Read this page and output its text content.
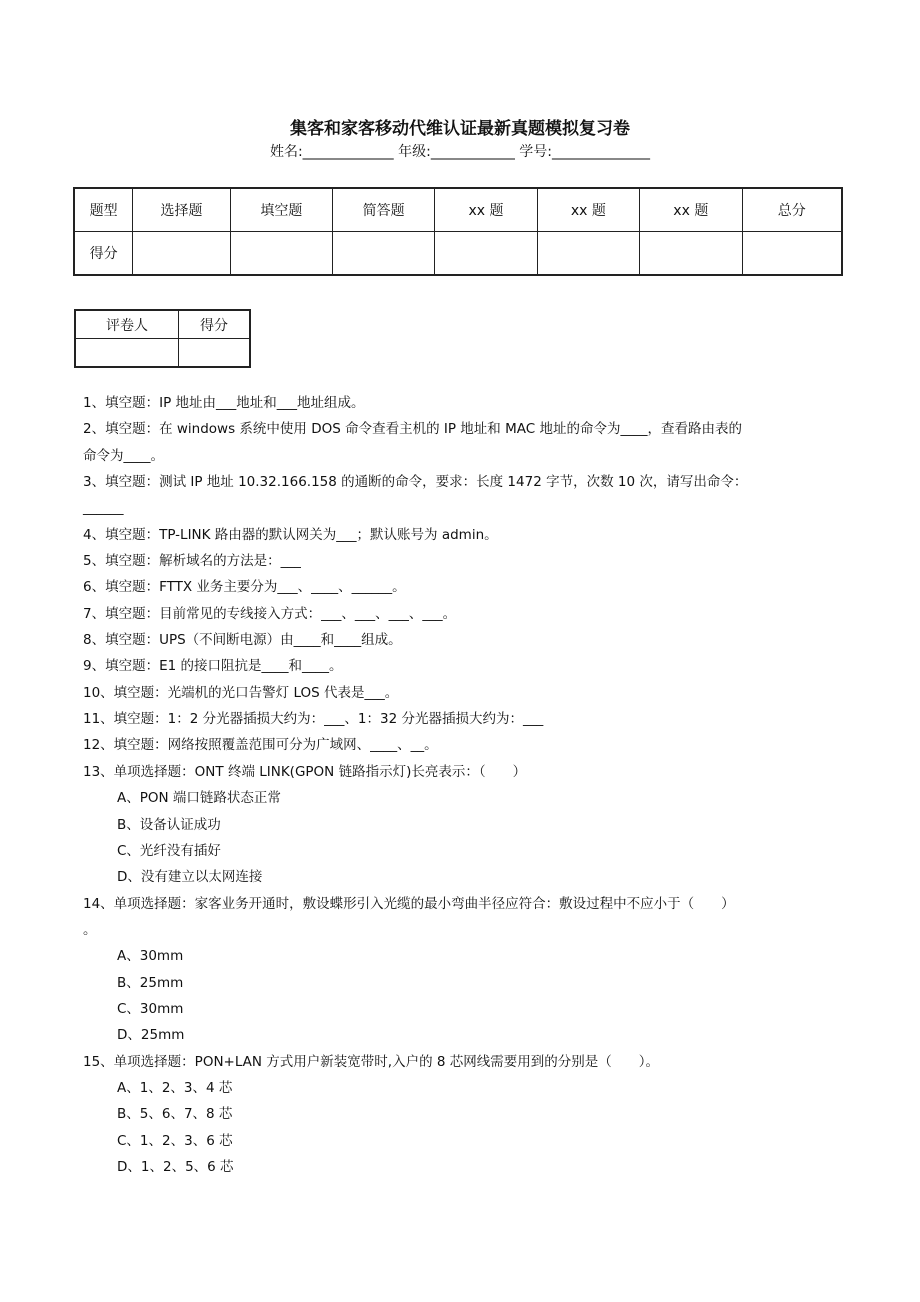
集客和家客移动代维认证最新真题模拟复习卷
姓名:_____________ 年级:____________ 学号:______________
题型	选择题	填空题	简答题	xx 题	xx 题	xx 题	总分
得分							
评卷人	得分

1、填空题：IP 地址由___地址和___地址组成。
2、填空题：在 windows 系统中使用 DOS 命令查看主机的 IP 地址和 MAC 地址的命令为____，查看路由表的
命令为____。
3、填空题：测试 IP 地址 10.32.166.158 的通断的命令，要求：长度 1472 字节，次数 10 次，请写出命令：
______
4、填空题：TP-LINK 路由器的默认网关为___；默认账号为 admin。
5、填空题：解析域名的方法是：___
6、填空题：FTTX 业务主要分为___、____、______。
7、填空题：目前常见的专线接入方式：___、___、___、___。
8、填空题：UPS（不间断电源）由____和____组成。
9、填空题：E1 的接口阻抗是____和____。
10、填空题：光端机的光口告警灯 LOS 代表是___。
11、填空题：1：2 分光器插损大约为：___、1：32 分光器插损大约为：___
12、填空题：网络按照覆盖范围可分为广域网、____、__。
13、单项选择题：ONT 终端 LINK(GPON 链路指示灯)长亮表示：（　　）
A、PON 端口链路状态正常
B、设备认证成功
C、光纤没有插好
D、没有建立以太网连接
14、单项选择题：家客业务开通时，敷设蝶形引入光缆的最小弯曲半径应符合：敷设过程中不应小于（　　）
。
A、30mm
B、25mm
C、30mm
D、25mm
15、单项选择题：PON+LAN 方式用户新装宽带时,入户的 8 芯网线需要用到的分别是（　　）。
A、1、2、3、4 芯
B、5、6、7、8 芯
C、1、2、3、6 芯
D、1、2、5、6 芯
